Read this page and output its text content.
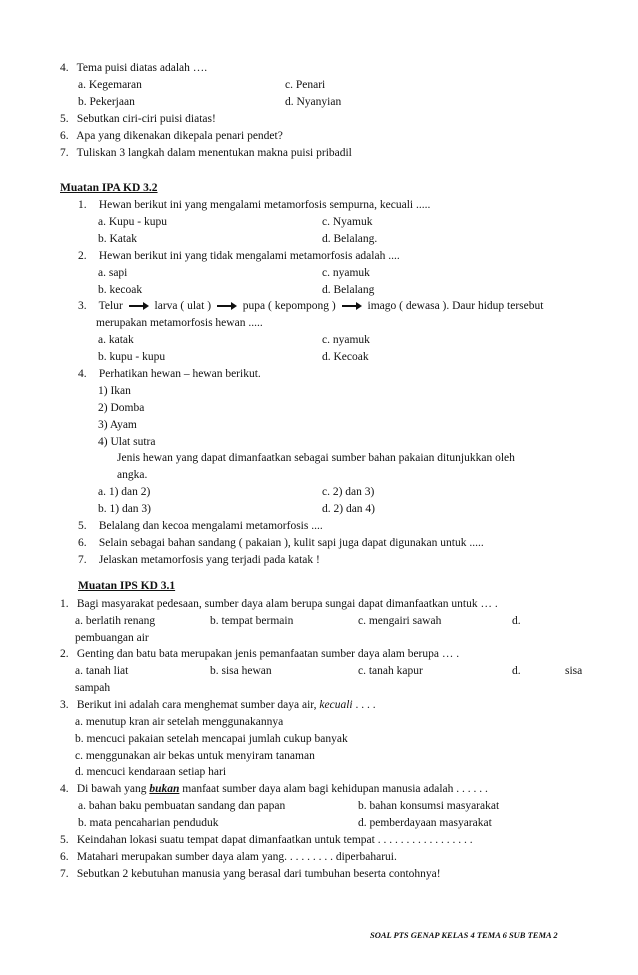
4. Tema puisi diatas adalah ….
a. Kegemaran	c. Penari
b. Pekerjaan	d. Nyanyian
5. Sebutkan ciri-ciri puisi diatas!
6. Apa yang dikenakan dikepala penari pendet?
7. Tuliskan 3 langkah dalam menentukan makna puisi pribadil
Muatan IPA KD 3.2
1. Hewan berikut ini yang mengalami metamorfosis sempurna, kecuali .....
a. Kupu - kupu	c. Nyamuk
b. Katak	d. Belalang.
2. Hewan berikut ini yang tidak mengalami metamorfosis adalah ....
a. sapi	c. nyamuk
b. kecoak	d. Belalang
3. Telur	larva ( ulat )	pupa ( kepompong )	imago ( dewasa ). Daur hidup tersebut
merupakan metamorfosis hewan .....
a. katak	c. nyamuk
b. kupu - kupu	d. Kecoak
4. Perhatikan hewan – hewan berikut.
1) Ikan
2) Domba
3) Ayam
4) Ulat sutra
Jenis hewan yang dapat dimanfaatkan sebagai sumber bahan pakaian ditunjukkan oleh
angka.
a. 1) dan 2)	c. 2) dan 3)
b. 1) dan 3)	d. 2) dan 4)
5. Belalang dan kecoa mengalami metamorfosis ....
6. Selain sebagai bahan sandang ( pakaian ), kulit sapi juga dapat digunakan untuk .....
7. Jelaskan metamorfosis yang terjadi pada katak !
Muatan IPS KD 3.1
1. Bagi masyarakat pedesaan, sumber daya alam berupa sungai dapat dimanfaatkan untuk … .
a. berlatih renang	b. tempat bermain	c. mengairi sawah	d.
pembuangan air
2. Genting dan batu bata merupakan jenis pemanfaatan sumber daya alam berupa … .
a. tanah liat	b. sisa hewan	c. tanah kapur	d.	sisa
sampah
3. Berikut ini adalah cara menghemat sumber daya air, kecuali . . . .
a. menutup kran air setelah menggunakannya
b. mencuci pakaian setelah mencapai jumlah cukup banyak
c. menggunakan air bekas untuk menyiram tanaman
d. mencuci kendaraan setiap hari
4. Di bawah yang bukan manfaat sumber daya alam bagi kehidupan manusia adalah . . . . . .
a. bahan baku pembuatan sandang dan papan	b. bahan konsumsi masyarakat
b. mata pencaharian penduduk	d. pemberdayaan masyarakat
5. Keindahan lokasi suatu tempat dapat dimanfaatkan untuk tempat . . . . . . . . . . . . . . . . .
6. Matahari merupakan sumber daya alam yang. . . . . . . . . diperbaharui.
7. Sebutkan 2 kebutuhan manusia yang berasal dari tumbuhan beserta contohnya!
SOAL PTS GENAP KELAS 4 TEMA 6 SUB TEMA 2
